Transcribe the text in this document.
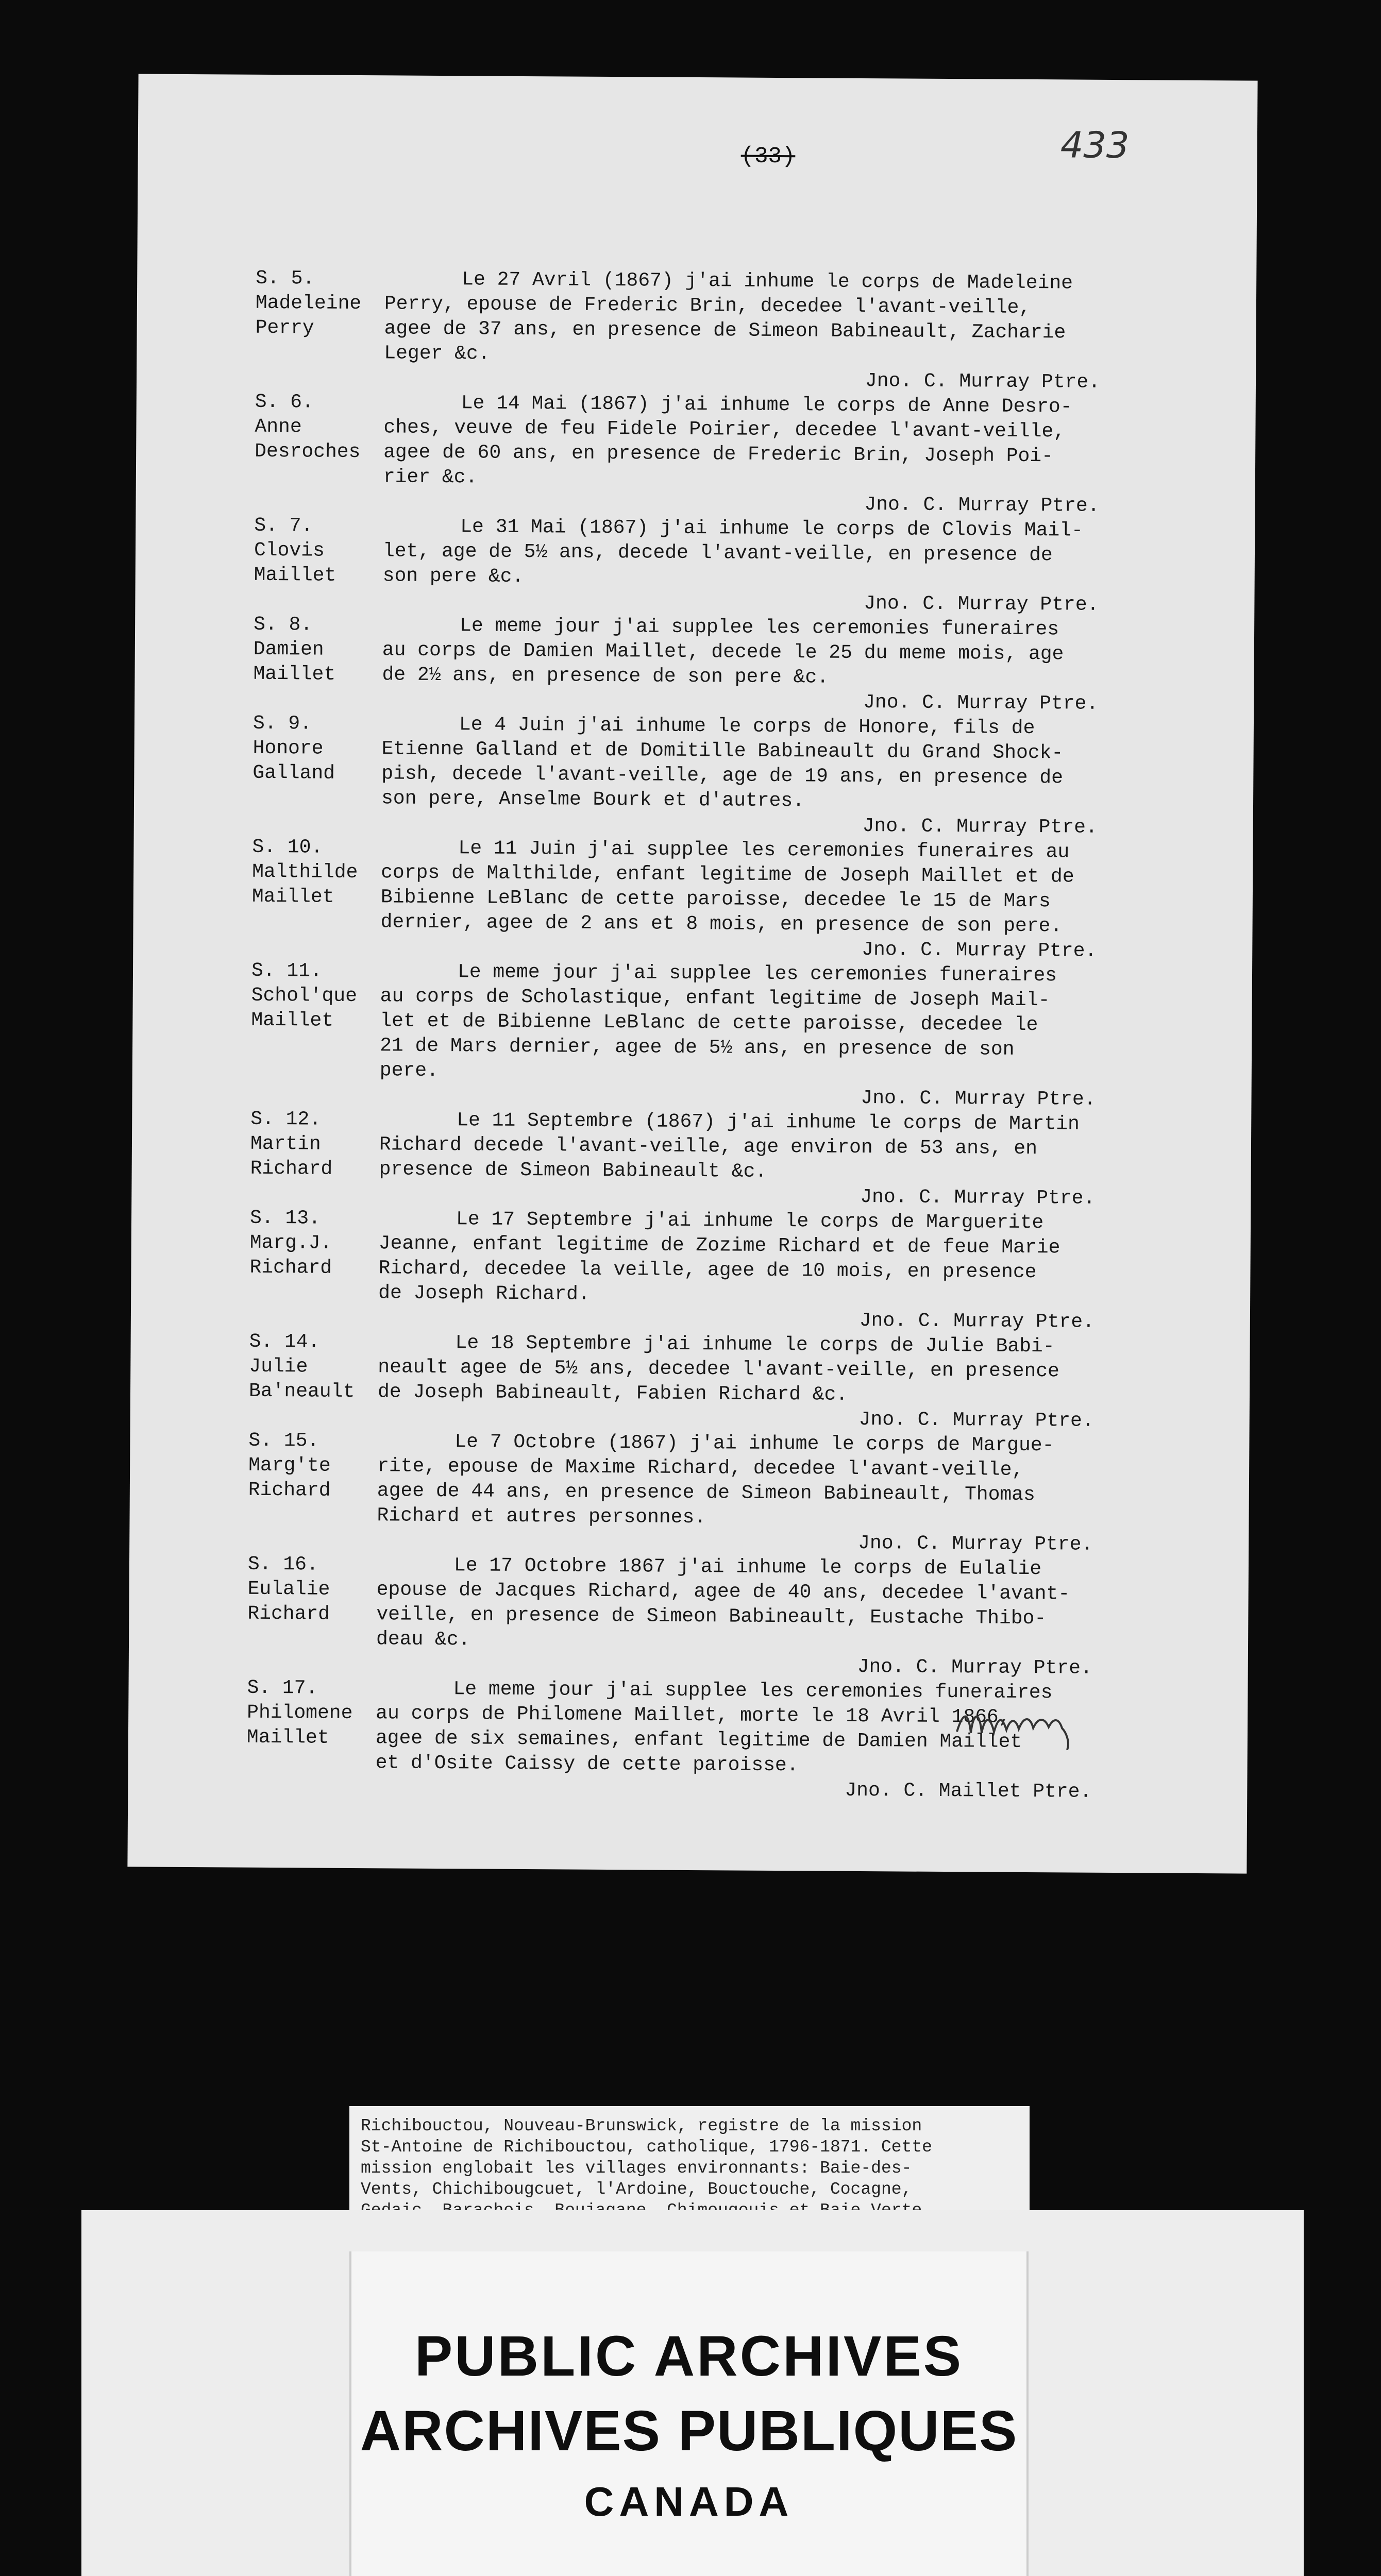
(33)	433
S. 5.
Madeleine
Perry
Le 27 Avril (1867) j'ai inhume le corps de Madeleine
Perry, epouse de Frederic Brin, decedee l'avant-veille,
agee de 37 ans, en presence de Simeon Babineault, Zacharie
Leger &c.
Jno. C. Murray Ptre.
S. 6.
Anne
Desroches
Le 14 Mai (1867) j'ai inhume le corps de Anne Desro-
ches, veuve de feu Fidele Poirier, decedee l'avant-veille,
agee de 60 ans, en presence de Frederic Brin, Joseph Poi-
rier &c.
Jno. C. Murray Ptre.
S. 7.
Clovis
Maillet
Le 31 Mai (1867) j'ai inhume le corps de Clovis Mail-
let, age de 5½ ans, decede l'avant-veille, en presence de
son pere &c.
Jno. C. Murray Ptre.
S. 8.
Damien
Maillet
Le meme jour j'ai supplee les ceremonies funeraires
au corps de Damien Maillet, decede le 25 du meme mois, age
de 2½ ans, en presence de son pere &c.
Jno. C. Murray Ptre.
S. 9.
Honore
Galland
Le 4 Juin j'ai inhume le corps de Honore, fils de
Etienne Galland et de Domitille Babineault du Grand Shock-
pish, decede l'avant-veille, age de 19 ans, en presence de
son pere, Anselme Bourk et d'autres.
Jno. C. Murray Ptre.
S. 10.
Malthilde
Maillet
Le 11 Juin j'ai supplee les ceremonies funeraires au
corps de Malthilde, enfant legitime de Joseph Maillet et de
Bibienne LeBlanc de cette paroisse, decedee le 15 de Mars
dernier, agee de 2 ans et 8 mois, en presence de son pere.
Jno. C. Murray Ptre.
S. 11.
Schol'que
Maillet
Le meme jour j'ai supplee les ceremonies funeraires
au corps de Scholastique, enfant legitime de Joseph Mail-
let et de Bibienne LeBlanc de cette paroisse, decedee le
21 de Mars dernier, agee de 5½ ans, en presence de son
pere.
Jno. C. Murray Ptre.
S. 12.
Martin
Richard
Le 11 Septembre (1867) j'ai inhume le corps de Martin
Richard decede l'avant-veille, age environ de 53 ans, en
presence de Simeon Babineault &c.
Jno. C. Murray Ptre.
S. 13.
Marg.J.
Richard
Le 17 Septembre j'ai inhume le corps de Marguerite
Jeanne, enfant legitime de Zozime Richard et de feue Marie
Richard, decedee la veille, agee de 10 mois, en presence
de Joseph Richard.
Jno. C. Murray Ptre.
S. 14.
Julie
Ba'neault
Le 18 Septembre j'ai inhume le corps de Julie Babi-
neault agee de 5½ ans, decedee l'avant-veille, en presence
de Joseph Babineault, Fabien Richard &c.
Jno. C. Murray Ptre.
S. 15.
Marg'te
Richard
Le 7 Octobre (1867) j'ai inhume le corps de Margue-
rite, epouse de Maxime Richard, decedee l'avant-veille,
agee de 44 ans, en presence de Simeon Babineault, Thomas
Richard et autres personnes.
Jno. C. Murray Ptre.
S. 16.
Eulalie
Richard
Le 17 Octobre 1867 j'ai inhume le corps de Eulalie
epouse de Jacques Richard, agee de 40 ans, decedee l'avant-
veille, en presence de Simeon Babineault, Eustache Thibo-
deau &c.
Jno. C. Murray Ptre.
S. 17.
Philomene
Maillet
Le meme jour j'ai supplee les ceremonies funeraires
au corps de Philomene Maillet, morte le 18 Avril 1866,
agee de six semaines, enfant legitime de Damien Maillet
et d'Osite Caissy de cette paroisse.
Jno. C. Maillet Ptre.
Richibouctou, Nouveau-Brunswick, registre de la mission
St-Antoine de Richibouctou, catholique, 1796-1871. Cette
mission englobait les villages environnants: Baie-des-
Vents, Chichibougcuet, l'Ardoine, Bouctouche, Cocagne,

PUBLIC ARCHIVES
ARCHIVES PUBLIQUES
CANADA
